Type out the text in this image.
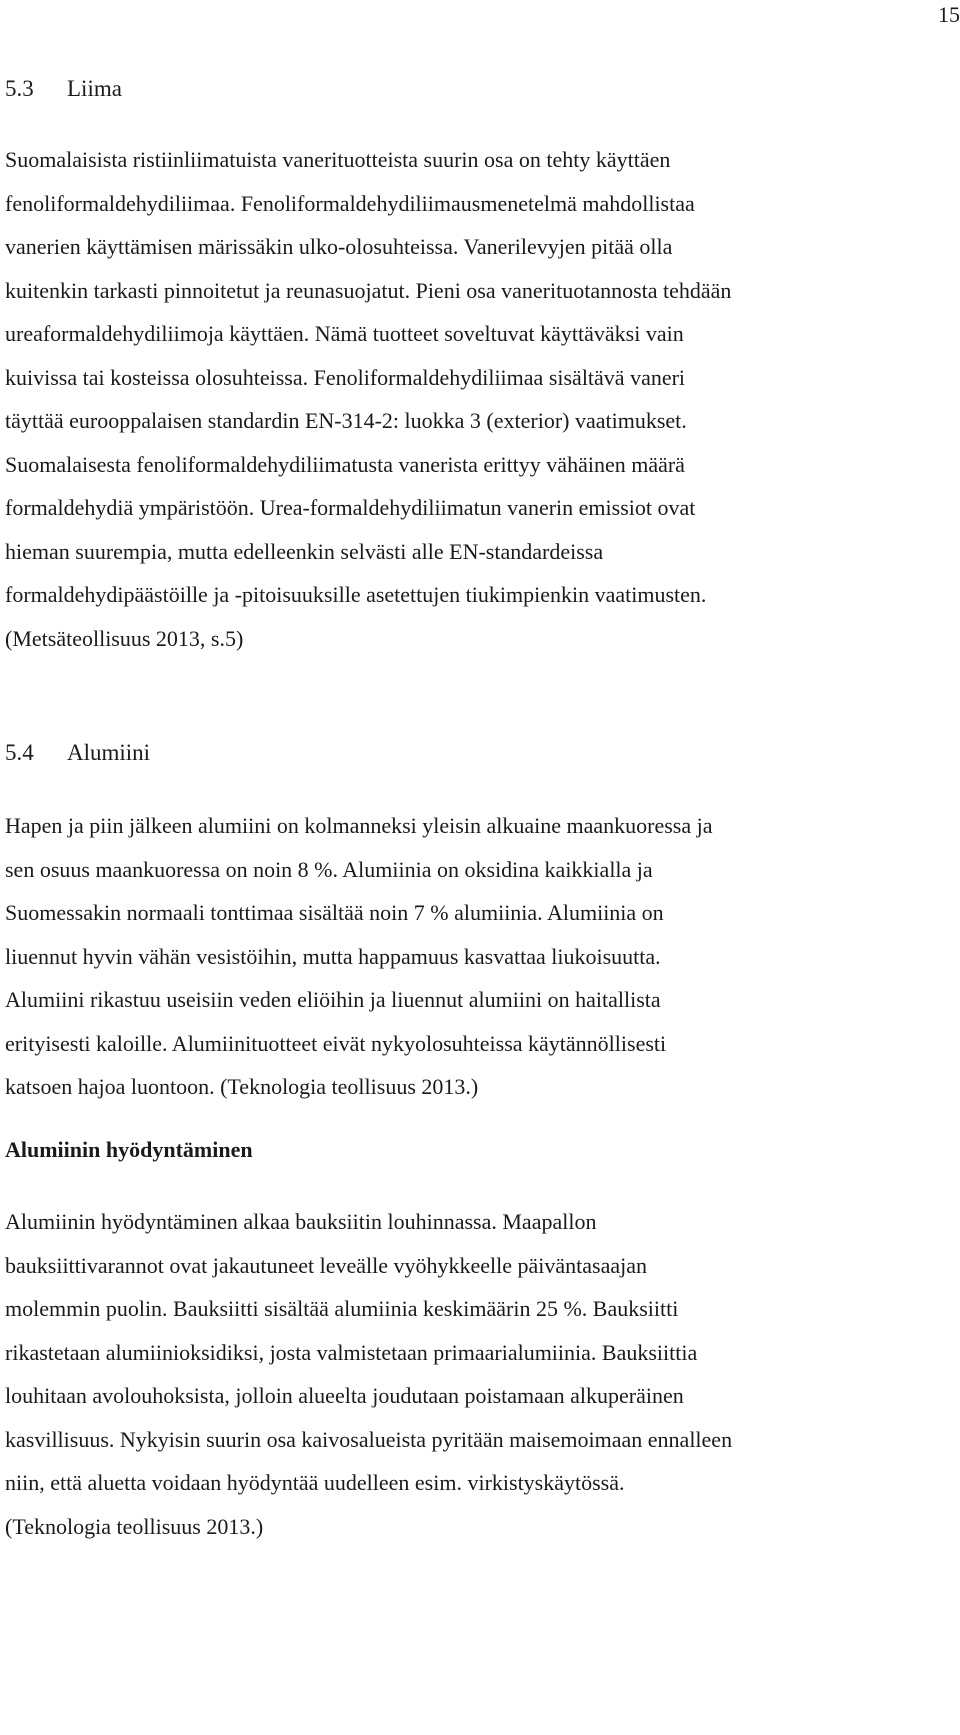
15
5.3 Liima

Suomalaisista ristiinliimatuista vanerituotteista suurin osa on tehty käyttäen
fenoliformaldehydiliimaa. Fenoliformaldehydiliimausmenetelmä mahdollistaa
vanerien käyttämisen märissäkin ulko-olosuhteissa. Vanerilevyjen pitää olla
kuitenkin tarkasti pinnoitetut ja reunasuojatut. Pieni osa vanerituotannosta tehdään
ureaformaldehydiliimoja käyttäen. Nämä tuotteet soveltuvat käyttäväksi vain
kuivissa tai kosteissa olosuhteissa. Fenoliformaldehydiliimaa sisältävä vaneri
täyttää eurooppalaisen standardin EN-314-2: luokka 3 (exterior) vaatimukset.
Suomalaisesta fenoliformaldehydiliimatusta vanerista erittyy vähäinen määrä
formaldehydiä ympäristöön. Urea-formaldehydiliimatun vanerin emissiot ovat
hieman suurempia, mutta edelleenkin selvästi alle EN-standardeissa
formaldehydipäästöille ja -pitoisuuksille asetettujen tiukimpienkin vaatimusten.
(Metsäteollisuus 2013, s.5)

5.4 Alumiini

Hapen ja piin jälkeen alumiini on kolmanneksi yleisin alkuaine maankuoressa ja
sen osuus maankuoressa on noin 8 %. Alumiinia on oksidina kaikkialla ja
Suomessakin normaali tonttimaa sisältää noin 7 % alumiinia. Alumiinia on
liuennut hyvin vähän vesistöihin, mutta happamuus kasvattaa liukoisuutta.
Alumiini rikastuu useisiin veden eliöihin ja liuennut alumiini on haitallista
erityisesti kaloille. Alumiinituotteet eivät nykyolosuhteissa käytännöllisesti
katsoen hajoa luontoon. (Teknologia teollisuus 2013.)

Alumiinin hyödyntäminen

Alumiinin hyödyntäminen alkaa bauksiitin louhinnassa. Maapallon
bauksiittivarannot ovat jakautuneet leveälle vyöhykkeelle päiväntasaajan
molemmin puolin. Bauksiitti sisältää alumiinia keskimäärin 25 %. Bauksiitti
rikastetaan alumiinioksidiksi, josta valmistetaan primaarialumiinia. Bauksiittia
louhitaan avolouhoksista, jolloin alueelta joudutaan poistamaan alkuperäinen
kasvillisuus. Nykyisin suurin osa kaivosalueista pyritään maisemoimaan ennalleen
niin, että aluetta voidaan hyödyntää uudelleen esim. virkistyskäytössä.
(Teknologia teollisuus 2013.)
